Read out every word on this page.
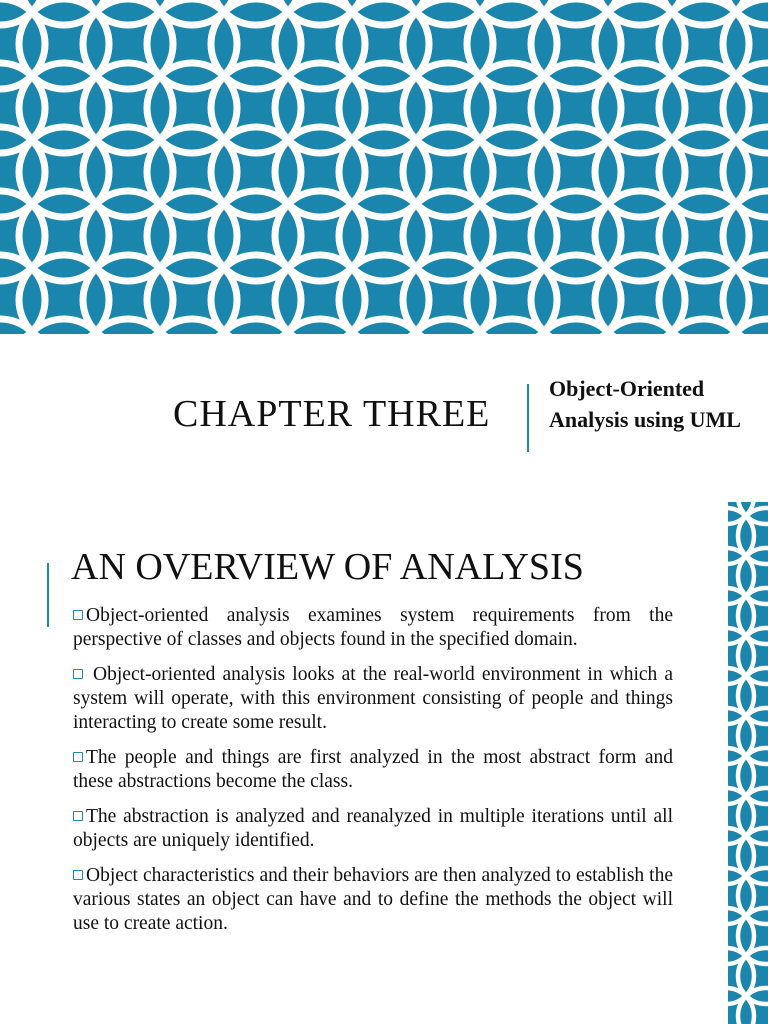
CHAPTER THREE
Object-Oriented Analysis using UML
AN OVERVIEW OF ANALYSIS
Object-oriented analysis examines system requirements from the perspective of classes and objects found in the specified domain.
Object-oriented analysis looks at the real-world environment in which a system will operate, with this environment consisting of people and things interacting to create some result.
The people and things are first analyzed in the most abstract form and these abstractions become the class.
The abstraction is analyzed and reanalyzed in multiple iterations until all objects are uniquely identified.
Object characteristics and their behaviors are then analyzed to establish the various states an object can have and to define the methods the object will use to create action.
